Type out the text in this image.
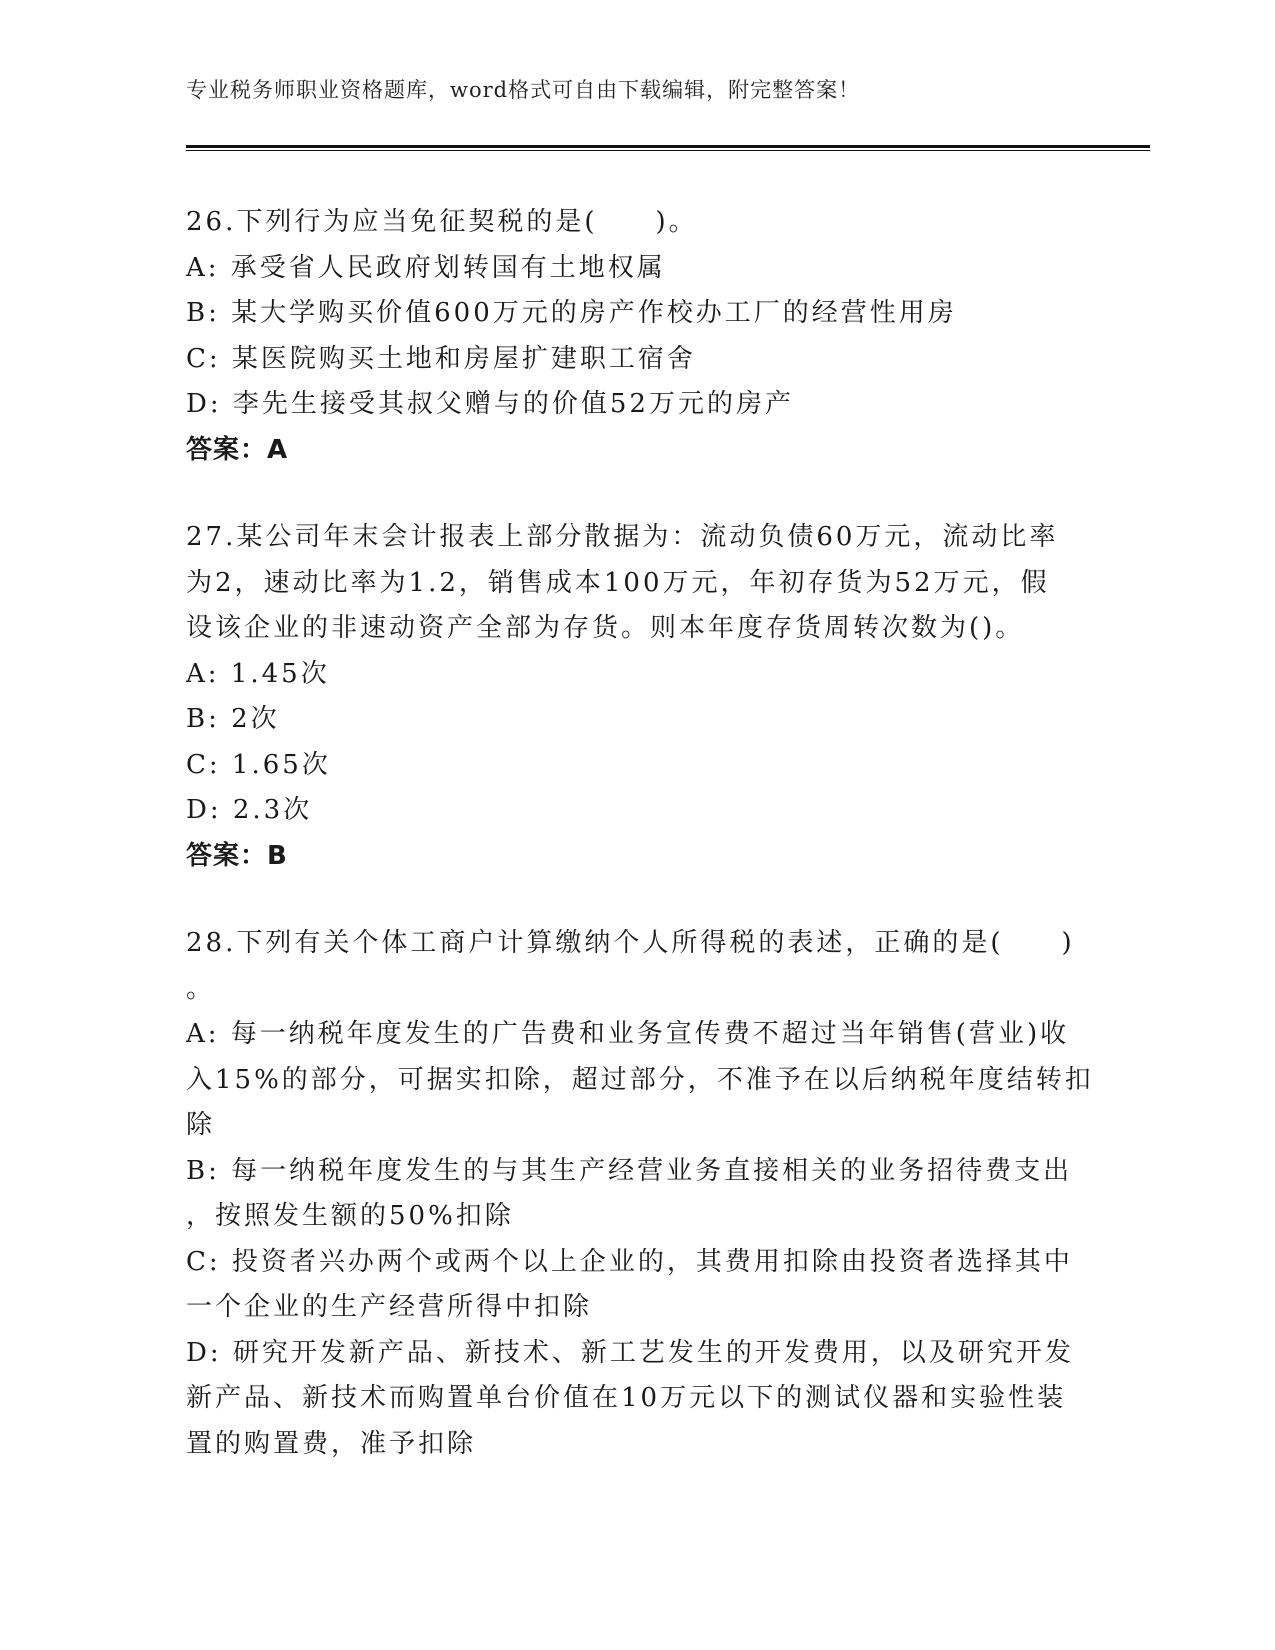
专业税务师职业资格题库，word格式可自由下载编辑，附完整答案！
26.下列行为应当免征契税的是(　　)。
A: 承受省人民政府划转国有土地权属
B: 某大学购买价值600万元的房产作校办工厂的经营性用房
C: 某医院购买土地和房屋扩建职工宿舍
D: 李先生接受其叔父赠与的价值52万元的房产
答案：A
27.某公司年末会计报表上部分散据为：流动负债60万元，流动比率
为2，速动比率为1.2，销售成本100万元，年初存货为52万元，假
设该企业的非速动资产全部为存货。则本年度存货周转次数为()。
A: 1.45次
B: 2次
C: 1.65次
D: 2.3次
答案：B
28.下列有关个体工商户计算缴纳个人所得税的表述，正确的是(　　)
。
A: 每一纳税年度发生的广告费和业务宣传费不超过当年销售(营业)收
入15%的部分，可据实扣除，超过部分，不准予在以后纳税年度结转扣
除
B: 每一纳税年度发生的与其生产经营业务直接相关的业务招待费支出
，按照发生额的50%扣除
C: 投资者兴办两个或两个以上企业的，其费用扣除由投资者选择其中
一个企业的生产经营所得中扣除
D: 研究开发新产品、新技术、新工艺发生的开发费用，以及研究开发
新产品、新技术而购置单台价值在10万元以下的测试仪器和实验性装
置的购置费，准予扣除
